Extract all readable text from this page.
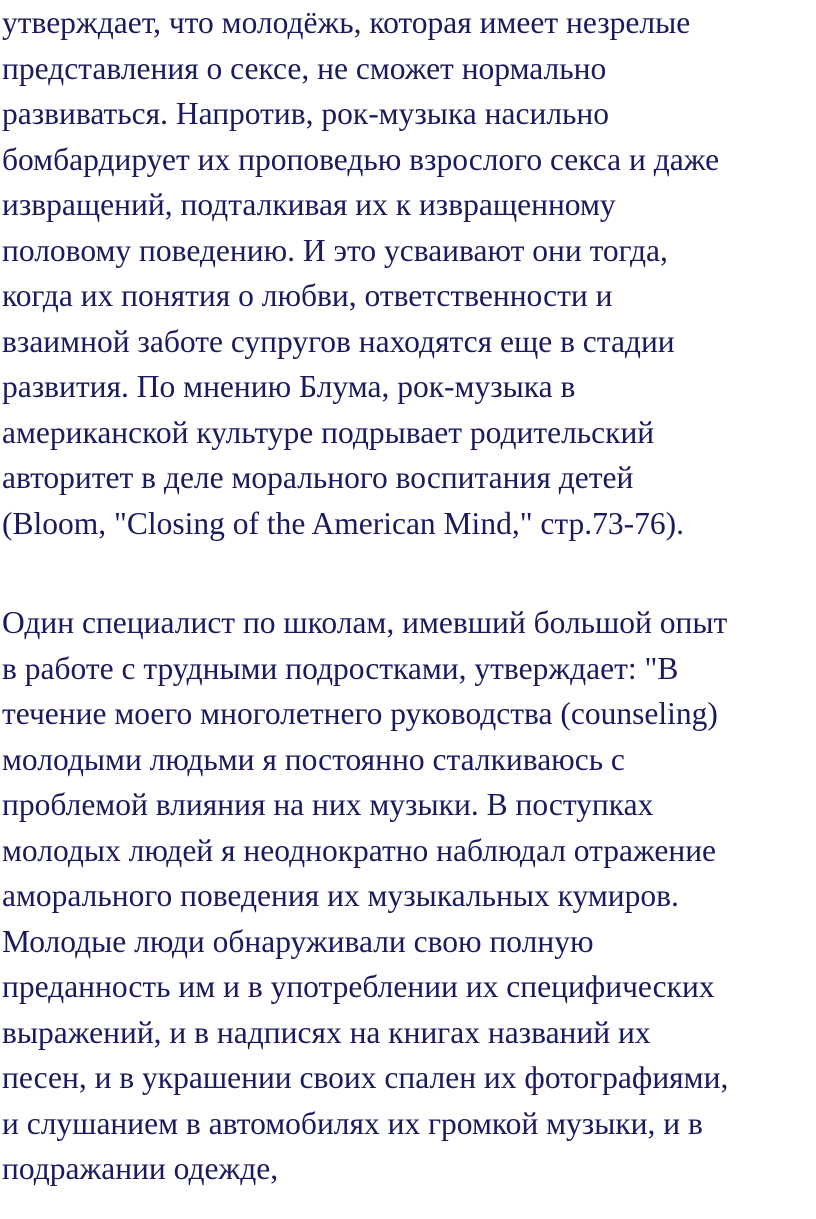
утверждает, что молодёжь, которая имеет незрелые
представления о сексе, не сможет нормально
развиваться. Напротив, рок-музыка насильно
бомбардирует их проповедью взрослого секса и даже
извращений, подталкивая их к извращенному
половому поведению. И это усваивают они тогда,
когда их понятия о любви, ответственности и
взаимной заботе супругов находятся еще в стадии
развития. По мнению Блума, рок-музыка в
американской культуре подрывает родительский
авторитет в деле морального воспитания детей
(Bloom, "Closing of the American Mind," стр.73-76).

Один специалист по школам, имевший большой опыт
в работе с трудными подростками, утверждает: "В
течение моего многолетнего руководства (counseling)
молодыми людьми я постоянно сталкиваюсь с
проблемой влияния на них музыки. В поступках
молодых людей я неоднократно наблюдал отражение
аморального поведения их музыкальных кумиров.
Молодые люди обнаруживали свою полную
преданность им и в употреблении их специфических
выражений, и в надписях на книгах названий их
песен, и в украшении своих спален их фотографиями,
и слушанием в автомобилях их громкой музыки, и в
подражании одежде,
